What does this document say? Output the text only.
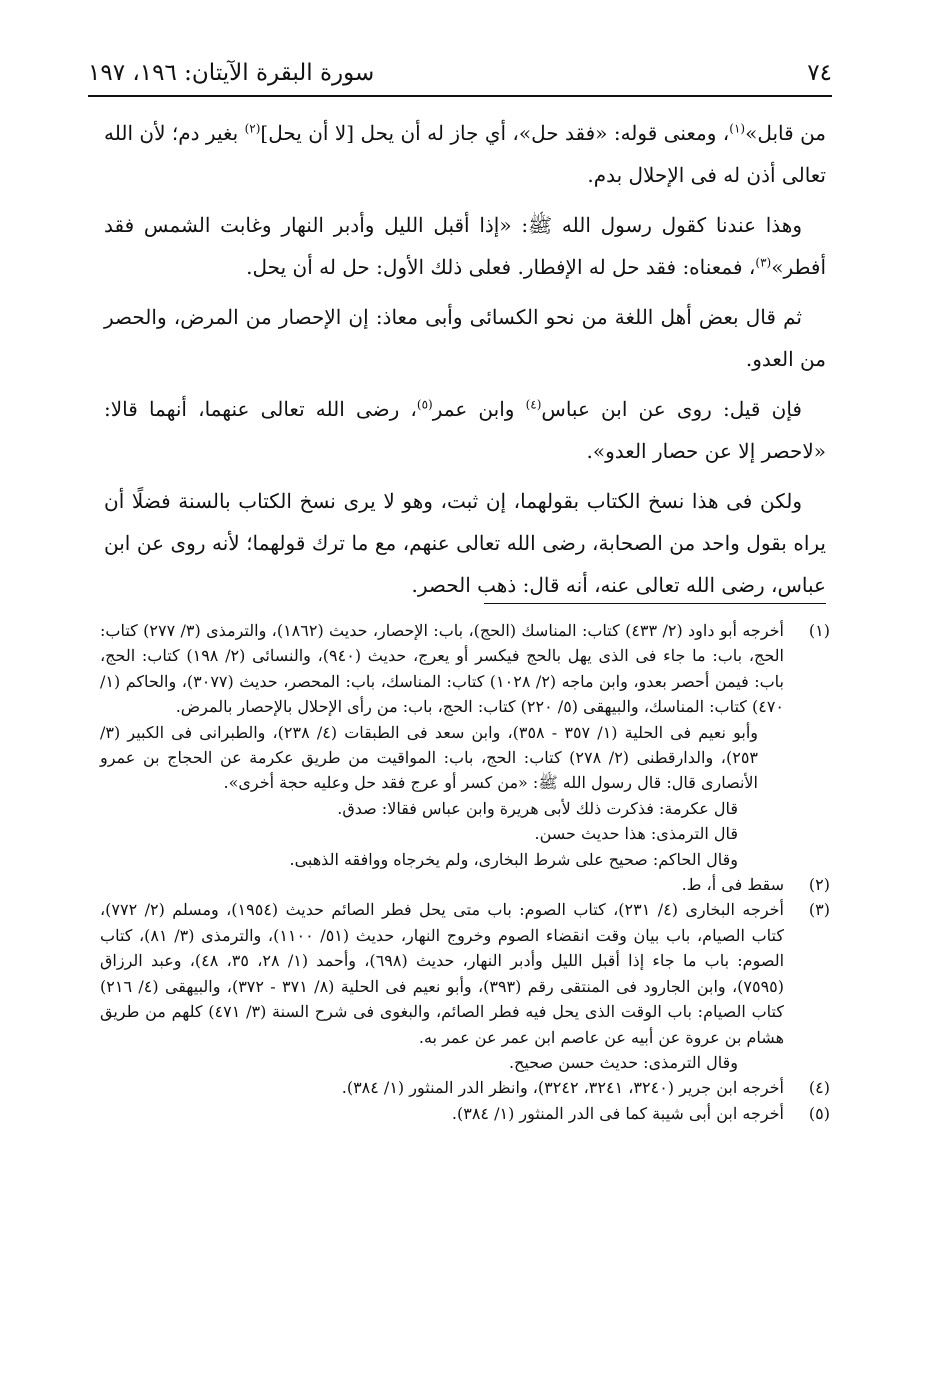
٧٤
سورة البقرة الآيتان: ١٩٦، ١٩٧

من قابل»$^{(١)}$، ومعنى قوله: «فقد حل»، أي جاز له أن يحل [لا أن يحل]$^{(٢)}$ بغير دم؛ لأن الله تعالى أذن له فى الإحلال بدم.

وهذا عندنا كقول رسول الله ﷺ: «إذا أقبل الليل وأدبر النهار وغابت الشمس فقد أفطر»$^{(٣)}$، فمعناه: فقد حل له الإفطار. فعلى ذلك الأول: حل له أن يحل.

ثم قال بعض أهل اللغة من نحو الكسائى وأبى معاذ: إن الإحصار من المرض، والحصر من العدو.

فإن قيل: روى عن ابن عباس$^{(٤)}$ وابن عمر$^{(٥)}$، رضى الله تعالى عنهما، أنهما قالا: «لاحصر إلا عن حصار العدو».

ولكن فى هذا نسخ الكتاب بقولهما، إن ثبت، وهو لا يرى نسخ الكتاب بالسنة فضلًا أن يراه بقول واحد من الصحابة، رضى الله تعالى عنهم، مع ما ترك قولهما؛ لأنه روى عن ابن عباس، رضى الله تعالى عنه، أنه قال: ذهب الحصر.

(١)

أخرجه أبو داود (٢/ ٤٣٣) كتاب: المناسك (الحج)، باب: الإحصار، حديث (١٨٦٢)، والترمذى (٣/ ٢٧٧) كتاب: الحج، باب: ما جاء فى الذى يهل بالحج فيكسر أو يعرج، حديث (٩٤٠)، والنسائى (٢/ ١٩٨) كتاب: الحج، باب: فيمن أحصر بعدو، وابن ماجه (٢/ ١٠٢٨) كتاب: المناسك، باب: المحصر، حديث (٣٠٧٧)، والحاكم (١/ ٤٧٠) كتاب: المناسك، والبيهقى (٥/ ٢٢٠) كتاب: الحج، باب: من رأى الإحلال بالإحصار بالمرض.

وأبو نعيم فى الحلية (١/ ٣٥٧ - ٣٥٨)، وابن سعد فى الطبقات (٤/ ٢٣٨)، والطبرانى فى الكبير (٣/ ٢٥٣)، والدارقطنى (٢/ ٢٧٨) كتاب: الحج، باب: المواقيت من طريق عكرمة عن الحجاج بن عمرو الأنصارى قال: قال رسول الله ﷺ: «من كسر أو عرج فقد حل وعليه حجة أخرى».

قال عكرمة: فذكرت ذلك لأبى هريرة وابن عباس فقالا: صدق.

قال الترمذى: هذا حديث حسن.

وقال الحاكم: صحيح على شرط البخارى، ولم يخرجاه ووافقه الذهبى.

(٢)

سقط فى أ، ط.

(٣)

أخرجه البخارى (٤/ ٢٣١)، كتاب الصوم: باب متى يحل فطر الصائم حديث (١٩٥٤)، ومسلم (٢/ ٧٧٢)، كتاب الصيام، باب بيان وقت انقضاء الصوم وخروج النهار، حديث (٥١/ ١١٠٠)، والترمذى (٣/ ٨١)، كتاب الصوم: باب ما جاء إذا أقبل الليل وأدبر النهار، حديث (٦٩٨)، وأحمد (١/ ٢٨، ٣٥، ٤٨)، وعبد الرزاق (٧٥٩٥)، وابن الجارود فى المنتقى رقم (٣٩٣)، وأبو نعيم فى الحلية (٨/ ٣٧١ - ٣٧٢)، والبيهقى (٤/ ٢١٦) كتاب الصيام: باب الوقت الذى يحل فيه فطر الصائم، والبغوى فى شرح السنة (٣/ ٤٧١) كلهم من طريق هشام بن عروة عن أبيه عن عاصم ابن عمر عن عمر به.

وقال الترمذى: حديث حسن صحيح.

(٤)

أخرجه ابن جرير (٣٢٤٠، ٣٢٤١، ٣٢٤٢)، وانظر الدر المنثور (١/ ٣٨٤).

(٥)

أخرجه ابن أبى شيبة كما فى الدر المنثور (١/ ٣٨٤).
